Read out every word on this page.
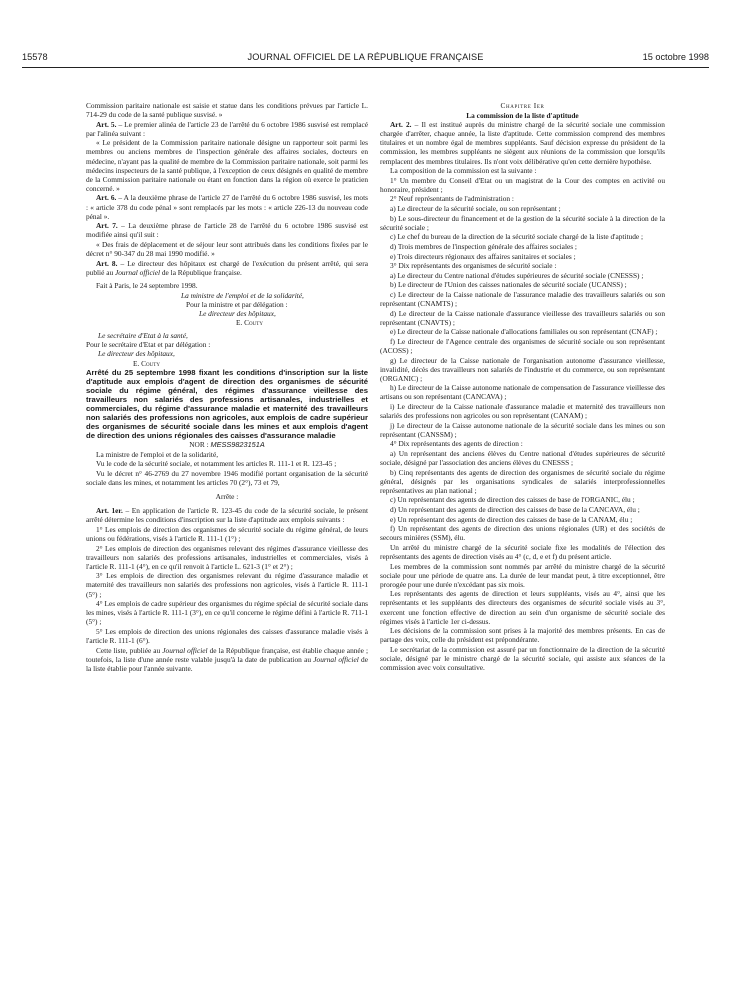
15578	JOURNAL OFFICIEL DE LA RÉPUBLIQUE FRANÇAISE	15 octobre 1998

Commission paritaire nationale est saisie et statue dans les conditions prévues par l'article L. 714-29 du code de la santé publique susvisé. »

Art. 5. – Le premier alinéa de l'article 23 de l'arrêté du 6 octobre 1986 susvisé est remplacé par l'alinéa suivant :

« Le président de la Commission paritaire nationale désigne un rapporteur soit parmi les membres ou anciens membres de l'inspection générale des affaires sociales, docteurs en médecine, n'ayant pas la qualité de membre de la Commission paritaire nationale, soit parmi les médecins inspecteurs de la santé publique, à l'exception de ceux désignés en qualité de membre de la Commission paritaire nationale ou étant en fonction dans la région où exerce le praticien concerné. »

Art. 6. – A la deuxième phrase de l'article 27 de l'arrêté du 6 octobre 1986 susvisé, les mots : « article 378 du code pénal » sont remplacés par les mots : « article 226-13 du nouveau code pénal ».

Art. 7. – La deuxième phrase de l'article 28 de l'arrêté du 6 octobre 1986 susvisé est modifiée ainsi qu'il suit :

« Des frais de déplacement et de séjour leur sont attribués dans les conditions fixées par le décret n° 90-347 du 28 mai 1990 modifié. »

Art. 8. – Le directeur des hôpitaux est chargé de l'exécution du présent arrêté, qui sera publié au Journal officiel de la République française.

Fait à Paris, le 24 septembre 1998.

La ministre de l'emploi et de la solidarité,
Pour la ministre et par délégation :
Le directeur des hôpitaux,
E. Couty
Le secrétaire d'Etat à la santé,
Pour le secrétaire d'Etat et par délégation :
Le directeur des hôpitaux,
E. Couty

Arrêté du 25 septembre 1998 fixant les conditions d'inscription sur la liste d'aptitude aux emplois d'agent de direction des organismes de sécurité sociale du régime général, des régimes d'assurance vieillesse des travailleurs non salariés des professions artisanales, industrielles et commerciales, du régime d'assurance maladie et maternité des travailleurs non salariés des professions non agricoles, aux emplois de cadre supérieur des organismes de sécurité sociale dans les mines et aux emplois d'agent de direction des unions régionales des caisses d'assurance maladie

NOR : MESS9823151A

La ministre de l'emploi et de la solidarité,

Vu le code de la sécurité sociale, et notamment les articles R. 111-1 et R. 123-45 ;

Vu le décret n° 46-2769 du 27 novembre 1946 modifié portant organisation de la sécurité sociale dans les mines, et notamment les articles 70 (2°), 73 et 79,

Arrête :

Art. 1er. – En application de l'article R. 123-45 du code de la sécurité sociale, le présent arrêté détermine les conditions d'inscription sur la liste d'aptitude aux emplois suivants :

1° Les emplois de direction des organismes de sécurité sociale du régime général, de leurs unions ou fédérations, visés à l'article R. 111-1 (1°) ;

2° Les emplois de direction des organismes relevant des régimes d'assurance vieillesse des travailleurs non salariés des professions artisanales, industrielles et commerciales, visés à l'article R. 111-1 (4°), en ce qu'il renvoit à l'article L. 621-3 (1° et 2°) ;

3° Les emplois de direction des organismes relevant du régime d'assurance maladie et maternité des travailleurs non salariés des professions non agricoles, visés à l'article R. 111-1 (5°) ;

4° Les emplois de cadre supérieur des organismes du régime spécial de sécurité sociale dans les mines, visés à l'article R. 111-1 (3°), en ce qu'il concerne le régime défini à l'article R. 711-1 (5°) ;

5° Les emplois de direction des unions régionales des caisses d'assurance maladie visés à l'article R. 111-1 (6°).

Cette liste, publiée au Journal officiel de la République française, est établie chaque année ; toutefois, la liste d'une année reste valable jusqu'à la date de publication au Journal officiel de la liste établie pour l'année suivante.

Chapitre Ier

La commission de la liste d'aptitude

Art. 2. – Il est institué auprès du ministre chargé de la sécurité sociale une commission chargée d'arrêter, chaque année, la liste d'aptitude. Cette commission comprend des membres titulaires et un nombre égal de membres suppléants. Sauf décision expresse du président de la commission, les membres suppléants ne siègent aux réunions de la commission que lorsqu'ils remplacent des membres titulaires. Ils n'ont voix délibérative qu'en cette dernière hypothèse.

La composition de la commission est la suivante :

1° Un membre du Conseil d'Etat ou un magistrat de la Cour des comptes en activité ou honoraire, président ;

2° Neuf représentants de l'administration :

a) Le directeur de la sécurité sociale, ou son représentant ;

b) Le sous-directeur du financement et de la gestion de la sécurité sociale à la direction de la sécurité sociale ;

c) Le chef du bureau de la direction de la sécurité sociale chargé de la liste d'aptitude ;

d) Trois membres de l'inspection générale des affaires sociales ;

e) Trois directeurs régionaux des affaires sanitaires et sociales ;

3° Dix représentants des organismes de sécurité sociale :

a) Le directeur du Centre national d'études supérieures de sécurité sociale (CNESSS) ;

b) Le directeur de l'Union des caisses nationales de sécurité sociale (UCANSS) ;

c) Le directeur de la Caisse nationale de l'assurance maladie des travailleurs salariés ou son représentant (CNAMTS) ;

d) Le directeur de la Caisse nationale d'assurance vieillesse des travailleurs salariés ou son représentant (CNAVTS) ;

e) Le directeur de la Caisse nationale d'allocations familiales ou son représentant (CNAF) ;

f) Le directeur de l'Agence centrale des organismes de sécurité sociale ou son représentant (ACOSS) ;

g) Le directeur de la Caisse nationale de l'organisation autonome d'assurance vieillesse, invalidité, décès des travailleurs non salariés de l'industrie et du commerce, ou son représentant (ORGANIC) ;

h) Le directeur de la Caisse autonome nationale de compensation de l'assurance vieillesse des artisans ou son représentant (CANCAVA) ;

i) Le directeur de la Caisse nationale d'assurance maladie et maternité des travailleurs non salariés des professions non agricoles ou son représentant (CANAM) ;

j) Le directeur de la Caisse autonome nationale de la sécurité sociale dans les mines ou son représentant (CANSSM) ;

4° Dix représentants des agents de direction :

a) Un représentant des anciens élèves du Centre national d'études supérieures de sécurité sociale, désigné par l'association des anciens élèves du CNESSS ;

b) Cinq représentants des agents de direction des organismes de sécurité sociale du régime général, désignés par les organisations syndicales de salariés interprofessionnelles représentatives au plan national ;

c) Un représentant des agents de direction des caisses de base de l'ORGANIC, élu ;

d) Un représentant des agents de direction des caisses de base de la CANCAVA, élu ;

e) Un représentant des agents de direction des caisses de base de la CANAM, élu ;

f) Un représentant des agents de direction des unions régionales (UR) et des sociétés de secours minières (SSM), élu.

Un arrêté du ministre chargé de la sécurité sociale fixe les modalités de l'élection des représentants des agents de direction visés au 4° (c, d, e et f) du présent article.

Les membres de la commission sont nommés par arrêté du ministre chargé de la sécurité sociale pour une période de quatre ans. La durée de leur mandat peut, à titre exceptionnel, être prorogée pour une durée n'excédant pas six mois.

Les représentants des agents de direction et leurs suppléants, visés au 4°, ainsi que les représentants et les suppléants des directeurs des organismes de sécurité sociale visés au 3°, exercent une fonction effective de direction au sein d'un organisme de sécurité sociale des régimes visés à l'article 1er ci-dessus.

Les décisions de la commission sont prises à la majorité des membres présents. En cas de partage des voix, celle du président est prépondérante.

Le secrétariat de la commission est assuré par un fonctionnaire de la direction de la sécurité sociale, désigné par le ministre chargé de la sécurité sociale, qui assiste aux séances de la commission avec voix consultative.
